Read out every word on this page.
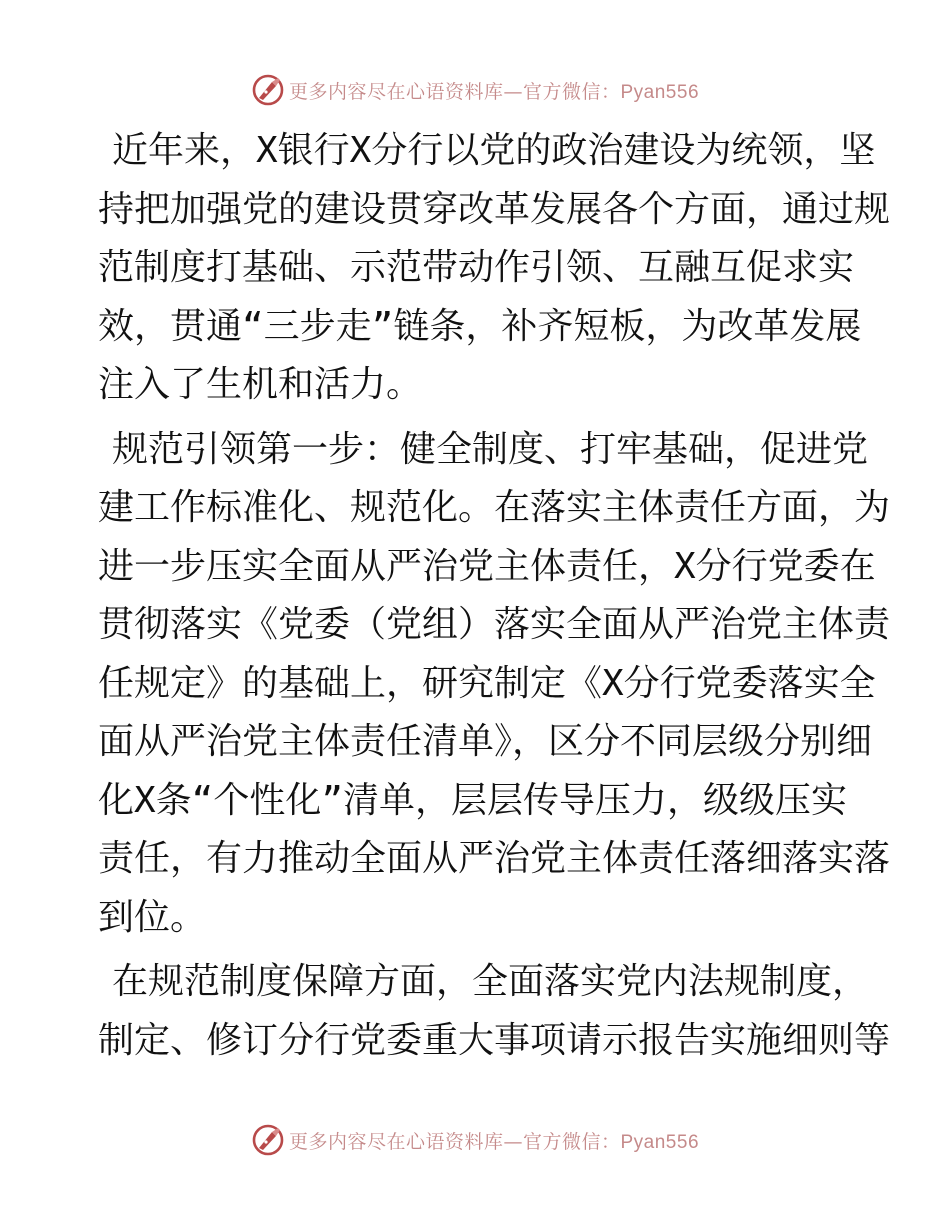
更多内容尽在心语资料库—官方微信：Pyan556
近年来，X银行X分行以党的政治建设为统领，坚
持把加强党的建设贯穿改革发展各个方面，通过规
范制度打基础、示范带动作引领、互融互促求实
效，贯通“三步走”链条，补齐短板，为改革发展
注入了生机和活力。
规范引领第一步：健全制度、打牢基础，促进党
建工作标准化、规范化。在落实主体责任方面，为
进一步压实全面从严治党主体责任，X分行党委在
贯彻落实《党委（党组）落实全面从严治党主体责
任规定》的基础上，研究制定《X分行党委落实全
面从严治党主体责任清单》，区分不同层级分别细
化X条“个性化”清单，层层传导压力，级级压实
责任，有力推动全面从严治党主体责任落细落实落
到位。
在规范制度保障方面，全面落实党内法规制度，
制定、修订分行党委重大事项请示报告实施细则等
更多内容尽在心语资料库—官方微信：Pyan556
